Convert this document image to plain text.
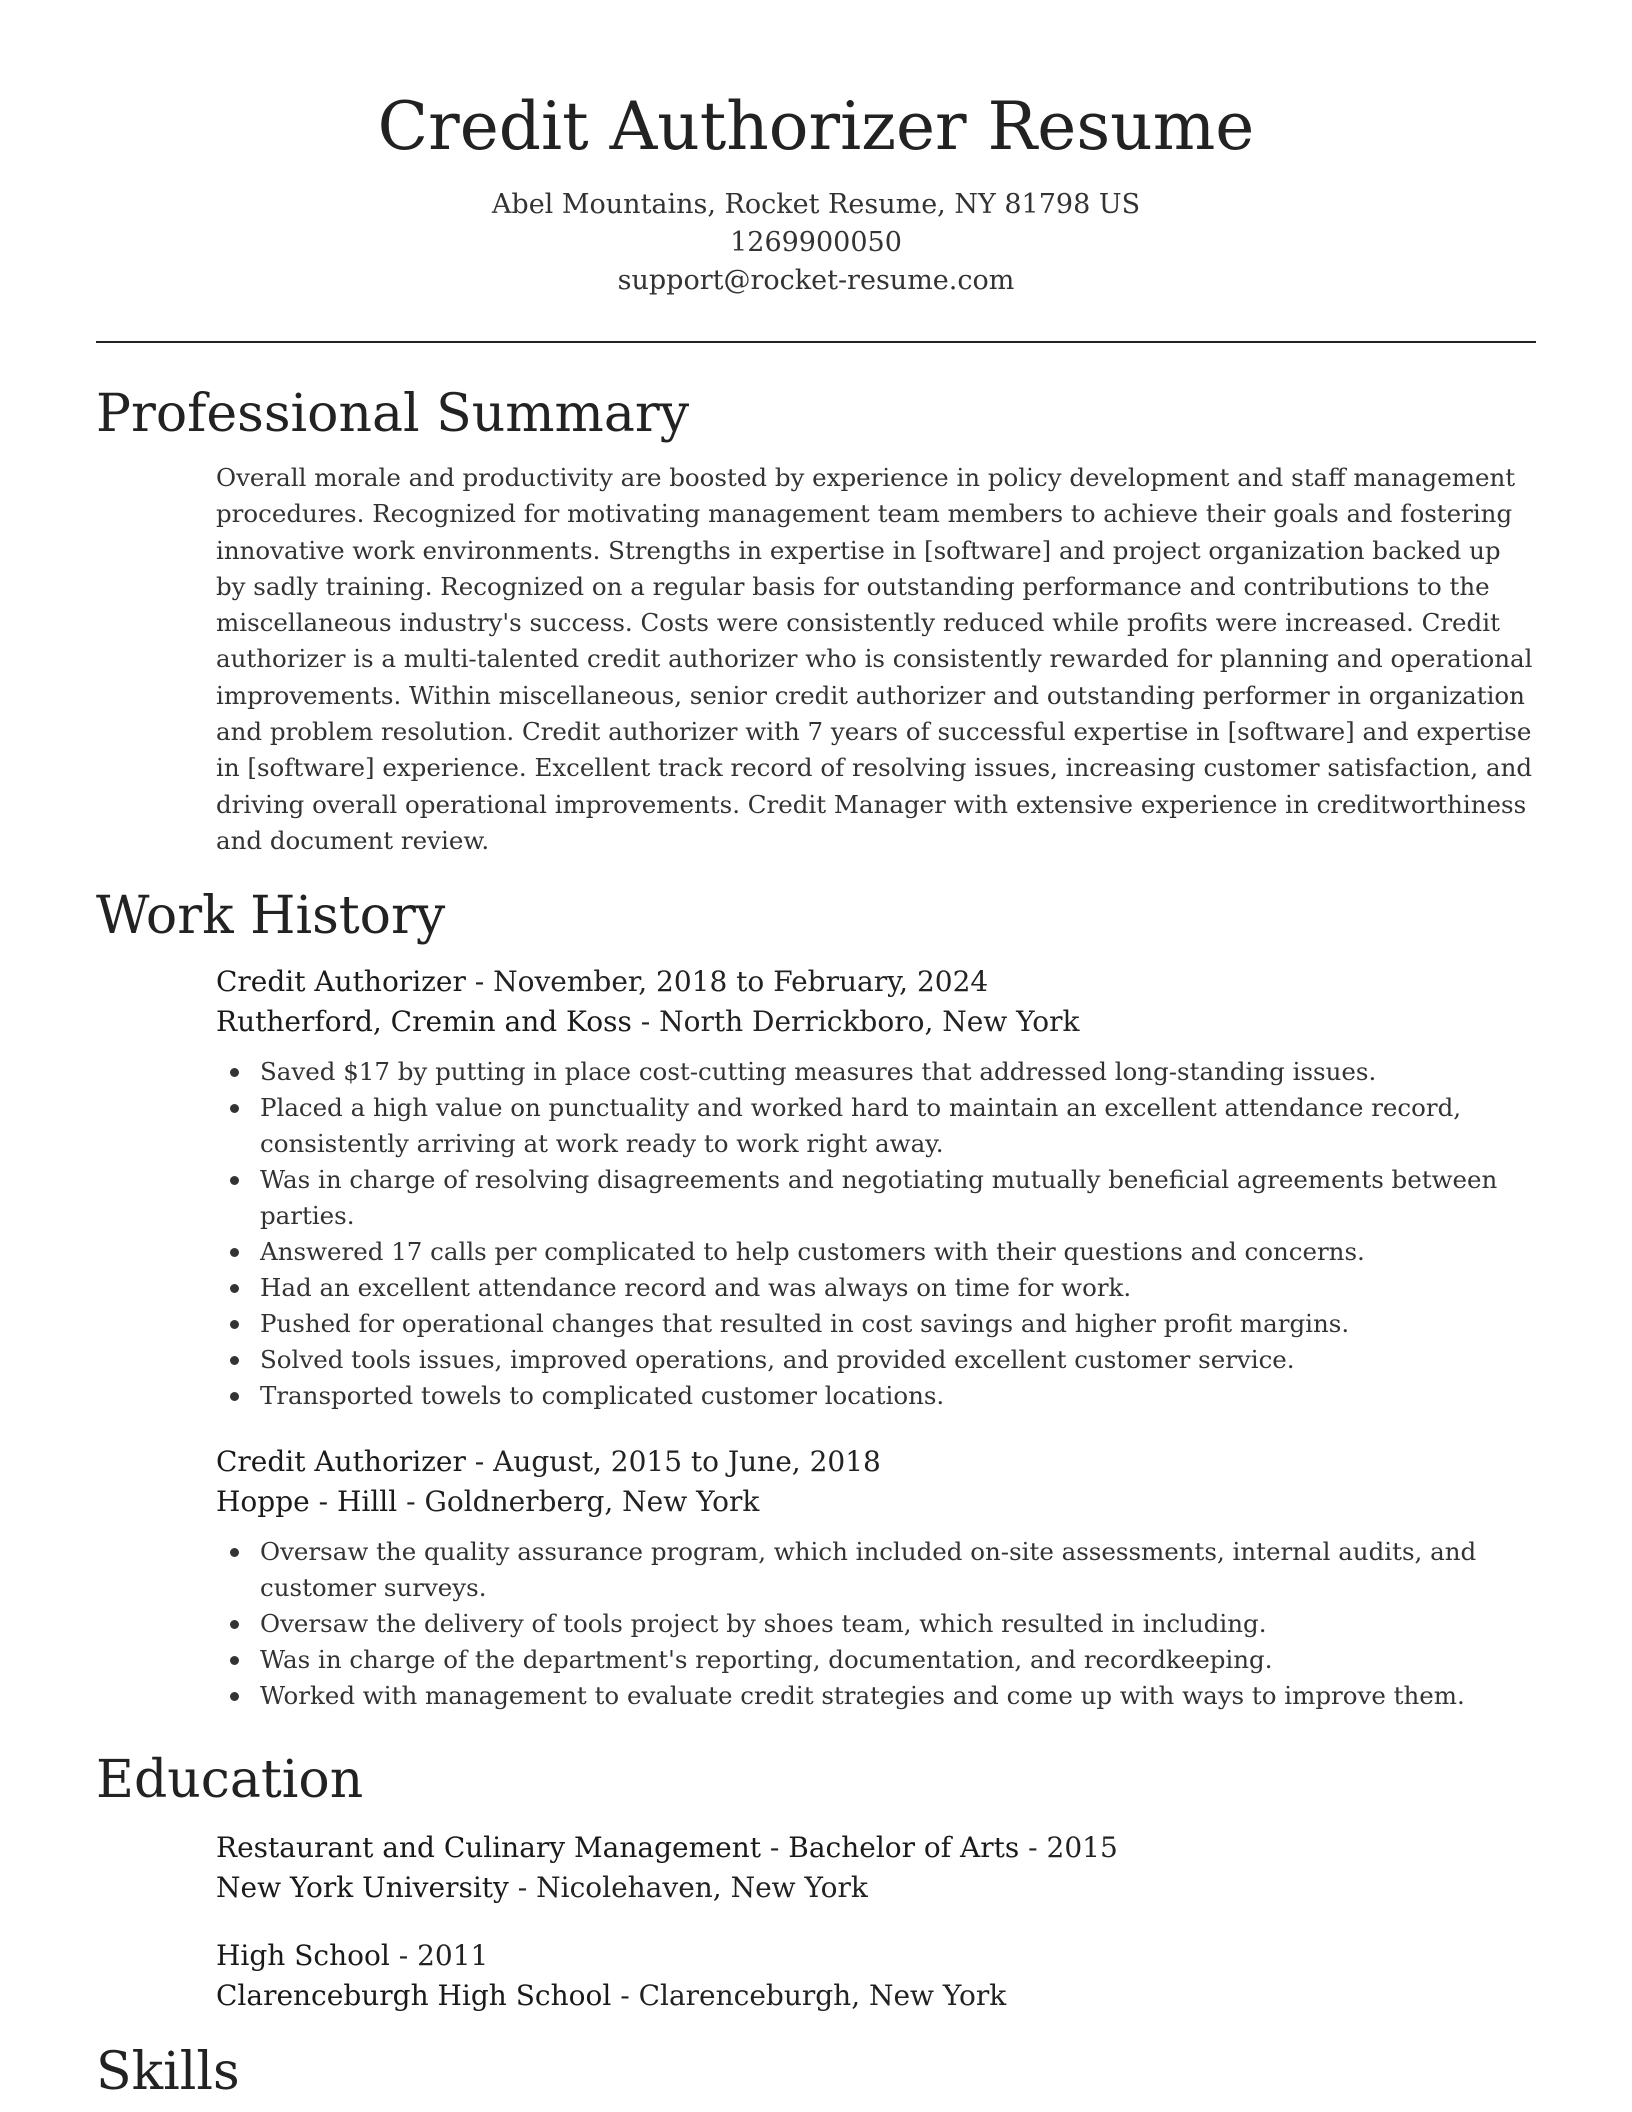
Credit Authorizer Resume
Abel Mountains, Rocket Resume, NY 81798 US
1269900050
support@rocket-resume.com
Professional Summary

Overall morale and productivity are boosted by experience in policy development and staff management procedures. Recognized for motivating management team members to achieve their goals and fostering innovative work environments. Strengths in expertise in [software] and project organization backed up by sadly training. Recognized on a regular basis for outstanding performance and contributions to the miscellaneous industry's success. Costs were consistently reduced while profits were increased. Credit authorizer is a multi-talented credit authorizer who is consistently rewarded for planning and operational improvements. Within miscellaneous, senior credit authorizer and outstanding performer in organization and problem resolution. Credit authorizer with 7 years of successful expertise in [software] and expertise in [software] experience. Excellent track record of resolving issues, increasing customer satisfaction, and driving overall operational improvements. Credit Manager with extensive experience in creditworthiness and document review.

Work History
Credit Authorizer - November, 2018 to February, 2024
Rutherford, Cremin and Koss - North Derrickboro, New York
Saved $17 by putting in place cost-cutting measures that addressed long-standing issues.
Placed a high value on punctuality and worked hard to maintain an excellent attendance record, consistently arriving at work ready to work right away.
Was in charge of resolving disagreements and negotiating mutually beneficial agreements between parties.
Answered 17 calls per complicated to help customers with their questions and concerns.
Had an excellent attendance record and was always on time for work.
Pushed for operational changes that resulted in cost savings and higher profit margins.
Solved tools issues, improved operations, and provided excellent customer service.
Transported towels to complicated customer locations.
Credit Authorizer - August, 2015 to June, 2018
Hoppe - Hilll - Goldnerberg, New York
Oversaw the quality assurance program, which included on-site assessments, internal audits, and customer surveys.
Oversaw the delivery of tools project by shoes team, which resulted in including.
Was in charge of the department's reporting, documentation, and recordkeeping.
Worked with management to evaluate credit strategies and come up with ways to improve them.
Education
Restaurant and Culinary Management - Bachelor of Arts - 2015
New York University - Nicolehaven, New York
High School - 2011
Clarenceburgh High School - Clarenceburgh, New York
Skills
